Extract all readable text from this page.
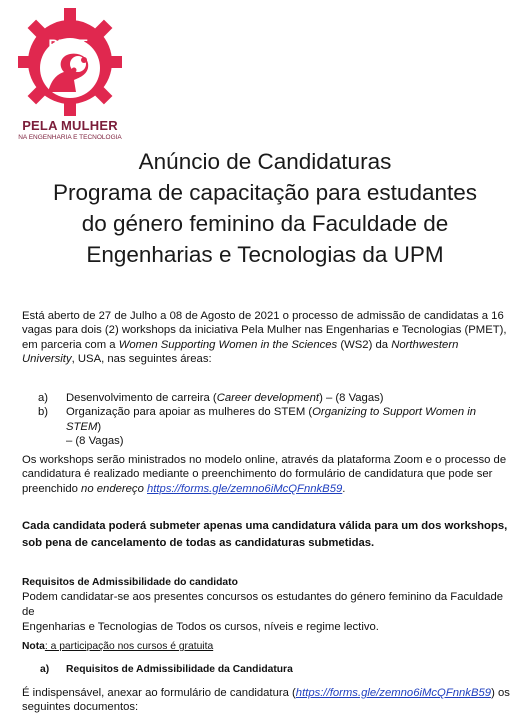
PMET
PELA MULHER
NA ENGENHARIA E TECNOLOGIA
Anúncio de Candidaturas
Programa de capacitação para estudantes
do género feminino da Faculdade de
Engenharias e Tecnologias da UPM

Está aberto de 27 de Julho a 08 de Agosto de 2021 o processo de admissão de candidatas a 16

vagas para dois (2) workshops da iniciativa Pela Mulher nas Engenharias e Tecnologias (PMET),

em parceria com a Women Supporting Women in the Sciences (WS2) da Northwestern

University, USA, nas seguintes áreas:

a) Desenvolvimento de carreira (Career development) – (8 Vagas)
b) Organização para apoiar as mulheres do STEM (Organizing to Support Women in STEM)
– (8 Vagas)

Os workshops serão ministrados no modelo online, através da plataforma Zoom e o processo de

candidatura é realizado mediante o preenchimento do formulário de candidatura que pode ser

preenchido no endereço https://forms.gle/zemno6iMcQFnnkB59.

Cada candidata poderá submeter apenas uma candidatura válida para um dos workshops,

sob pena de cancelamento de todas as candidaturas submetidas.

Requisitos de Admissibilidade do candidato

Podem candidatar-se aos presentes concursos os estudantes do género feminino da Faculdade de

Engenharias e Tecnologias de Todos os cursos, níveis e regime lectivo.

Nota: a participação nos cursos é gratuita
a) Requisitos de Admissibilidade da Candidatura

É indispensável, anexar ao formulário de candidatura (https://forms.gle/zemno6iMcQFnnkB59) os

seguintes documentos:
